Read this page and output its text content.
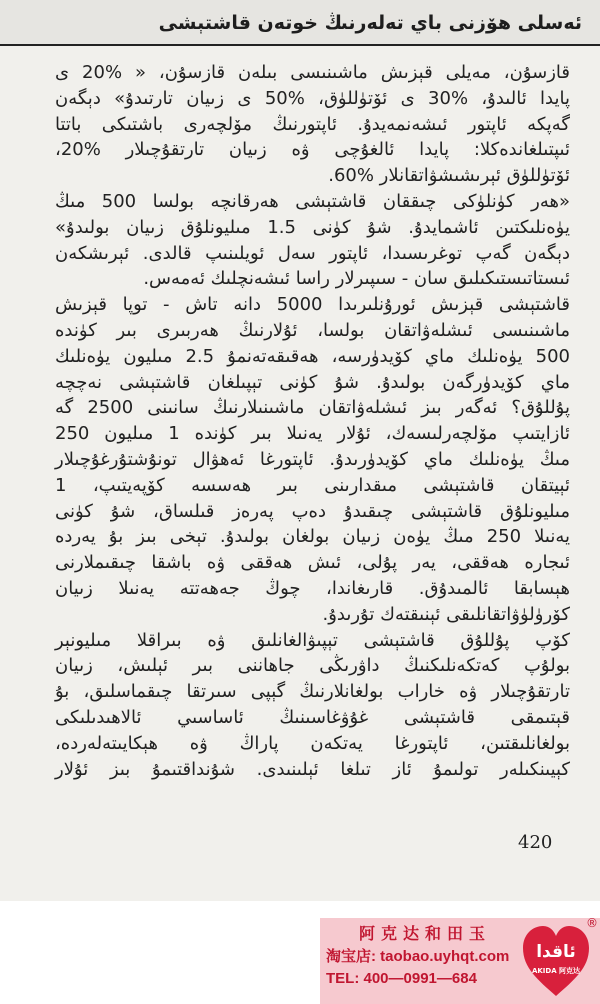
ئەسلى ھۆزنى باي تەلەرنىڭ خوتەن قاشتېشى
قازسۇن، مەيلى قېزىش ماشىنىسى بىلەن قازسۇن، « %20 ى
پايدا ئالىدۇ، %30 ى ئۆتۈللۈق، %50 ى زىيان تارتىدۇ» دېگەن
گەپكە ئاپتور ئىشەنمەيدۇ. ئاپتورنىڭ مۆلچەرى باشتىكى باتتا
ئىپتىلغاندەكلا: پايدا ئالغۇچى ۋە زىيان تارتقۇچىلار %20،
ئۆتۈللۈق ئېرىشىشۋاتقانلار %60.
«ھەر كۈنلۈكى چىققان قاشتېشى ھەرقانچە بولسا 500 مىڭ
يۈەنلىكتىن ئاشمايدۇ. شۇ كۈنى 1.5 مىليونلۇق زىيان بولىدۇ»
دېگەن گەپ توغرىسىدا، ئاپتور سەل ئويلىنىپ قالدى. ئېرىشكەن
ئىستاتىستىكىلىق سان - سىپىرلار راسا ئىشەنچلىك ئەمەس.
قاشتېشى قېزىش ئورۇنلىرىدا 5000 دانە تاش - توپا قېزىش
ماشىنىسى ئىشلەۋاتقان بولسا، ئۇلارنىڭ ھەربىرى بىر كۈندە
500 يۈەنلىك ماي كۆيدۈرسە، ھەقىقەتەنمۇ 2.5 مىليون يۈەنلىك
ماي كۆيدۈرگەن بولىدۇ. شۇ كۈنى تېپىلغان قاشتېشى نەچچە
پۇللۇق؟ ئەگەر بىز ئىشلەۋاتقان ماشىنىلارنىڭ سانىنى 2500 گە
ئازايتىپ مۆلچەرلىسەك، ئۇلار يەنىلا بىر كۈندە 1 مىليون 250
مىڭ يۈەنلىك ماي كۆيدۈرىدۇ. ئاپتورغا ئەھۋال تونۇشتۇرغۇچىلار
ئېيتقان قاشتېشى مىقدارىنى بىر ھەسسە كۆپەيتىپ، 1
مىليونلۇق قاشتېشى چىقىدۇ دەپ پەرەز قىلساق، شۇ كۈنى
يەنىلا 250 مىڭ يۈەن زىيان بولغان بولىدۇ. تېخى بىز بۇ يەردە
ئىجارە ھەققى، يەر پۇلى، ئىش ھەققى ۋە باشقا چىقىملارنى
ھېسابقا ئالمىدۇق. قارىغاندا، چوڭ جەھەتتە يەنىلا زىيان
كۆرۈلۈۋاتقانلىقى ئېنىقتەك تۇرىدۇ.
كۆپ پۇللۇق قاشتېشى تېپىۋالغانلىق ۋە بىراقلا مىليونېر
بولۇپ كەتكەنلىكنىڭ داۋرىڭى جاھاننى بىر ئېلىش، زىيان
تارتقۇچىلار ۋە خاراب بولغانلارنىڭ گېپى سىرتقا چىقماسلىق، بۇ
قېتىمقى قاشتېشى غۇۋغاسىنىڭ ئاساسىي ئالاھىدىلىكى
بولغانلىقتىن، ئاپتورغا يەتكەن پاراڭ ۋە ھېكايىتەلەردە،
كېيىنكىلەر تولىمۇ ئاز تىلغا ئېلىنىدى. شۇنداقتىمۇ بىز ئۇلار
420
阿克达和田玉
淘宝店: taobao.uyhqt.com
TEL: 400—0991—684
ئاقدا
AKIDA 阿克达
®
